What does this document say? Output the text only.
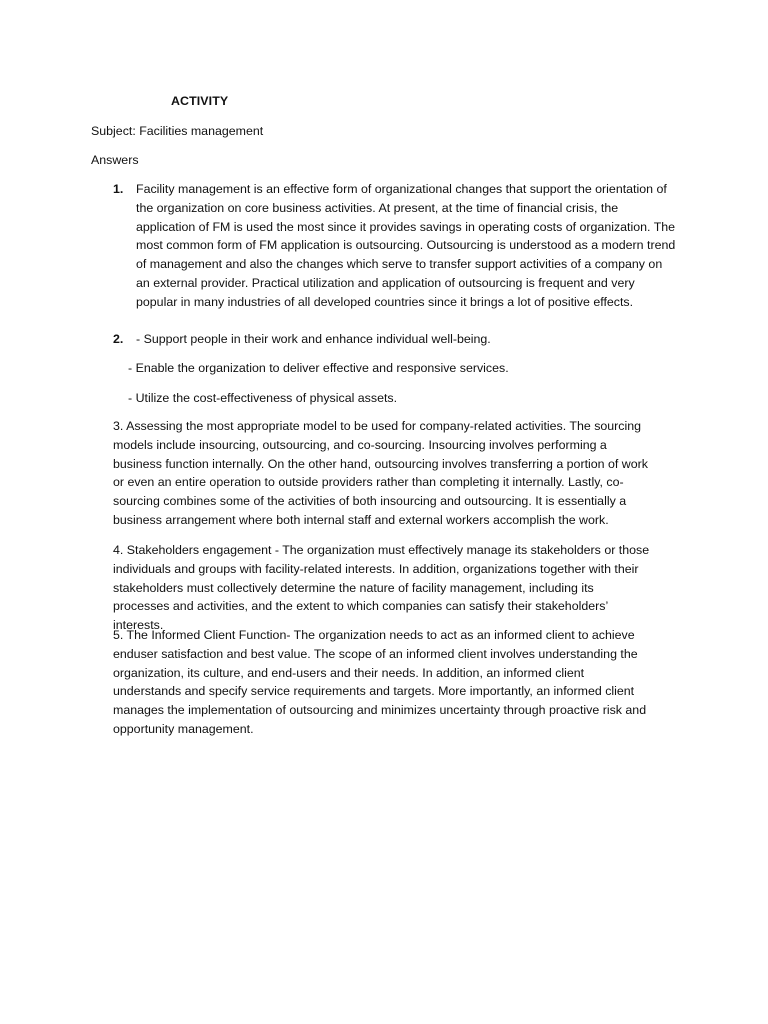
ACTIVITY

Subject: Facilities management

Answers

1. Facility management is an effective form of organizational changes that support the orientation of the organization on core business activities. At present, at the time of financial crisis, the application of FM is used the most since it provides savings in operating costs of organization. The most common form of FM application is outsourcing. Outsourcing is understood as a modern trend of management and also the changes which serve to transfer support activities of a company on an external provider. Practical utilization and application of outsourcing is frequent and very popular in many industries of all developed countries since it brings a lot of positive effects.

2. - Support people in their work and enhance individual well-being.

- Enable the organization to deliver effective and responsive services.

- Utilize the cost-effectiveness of physical assets.

3. Assessing the most appropriate model to be used for company-related activities. The sourcing models include insourcing, outsourcing, and co-sourcing. Insourcing involves performing a business function internally. On the other hand, outsourcing involves transferring a portion of work or even an entire operation to outside providers rather than completing it internally. Lastly, co-sourcing combines some of the activities of both insourcing and outsourcing. It is essentially a business arrangement where both internal staff and external workers accomplish the work.

4. Stakeholders engagement - The organization must effectively manage its stakeholders or those individuals and groups with facility-related interests. In addition, organizations together with their stakeholders must collectively determine the nature of facility management, including its processes and activities, and the extent to which companies can satisfy their stakeholders’ interests.

5. The Informed Client Function- The organization needs to act as an informed client to achieve enduser satisfaction and best value. The scope of an informed client involves understanding the organization, its culture, and end-users and their needs. In addition, an informed client understands and specify service requirements and targets. More importantly, an informed client manages the implementation of outsourcing and minimizes uncertainty through proactive risk and opportunity management.
